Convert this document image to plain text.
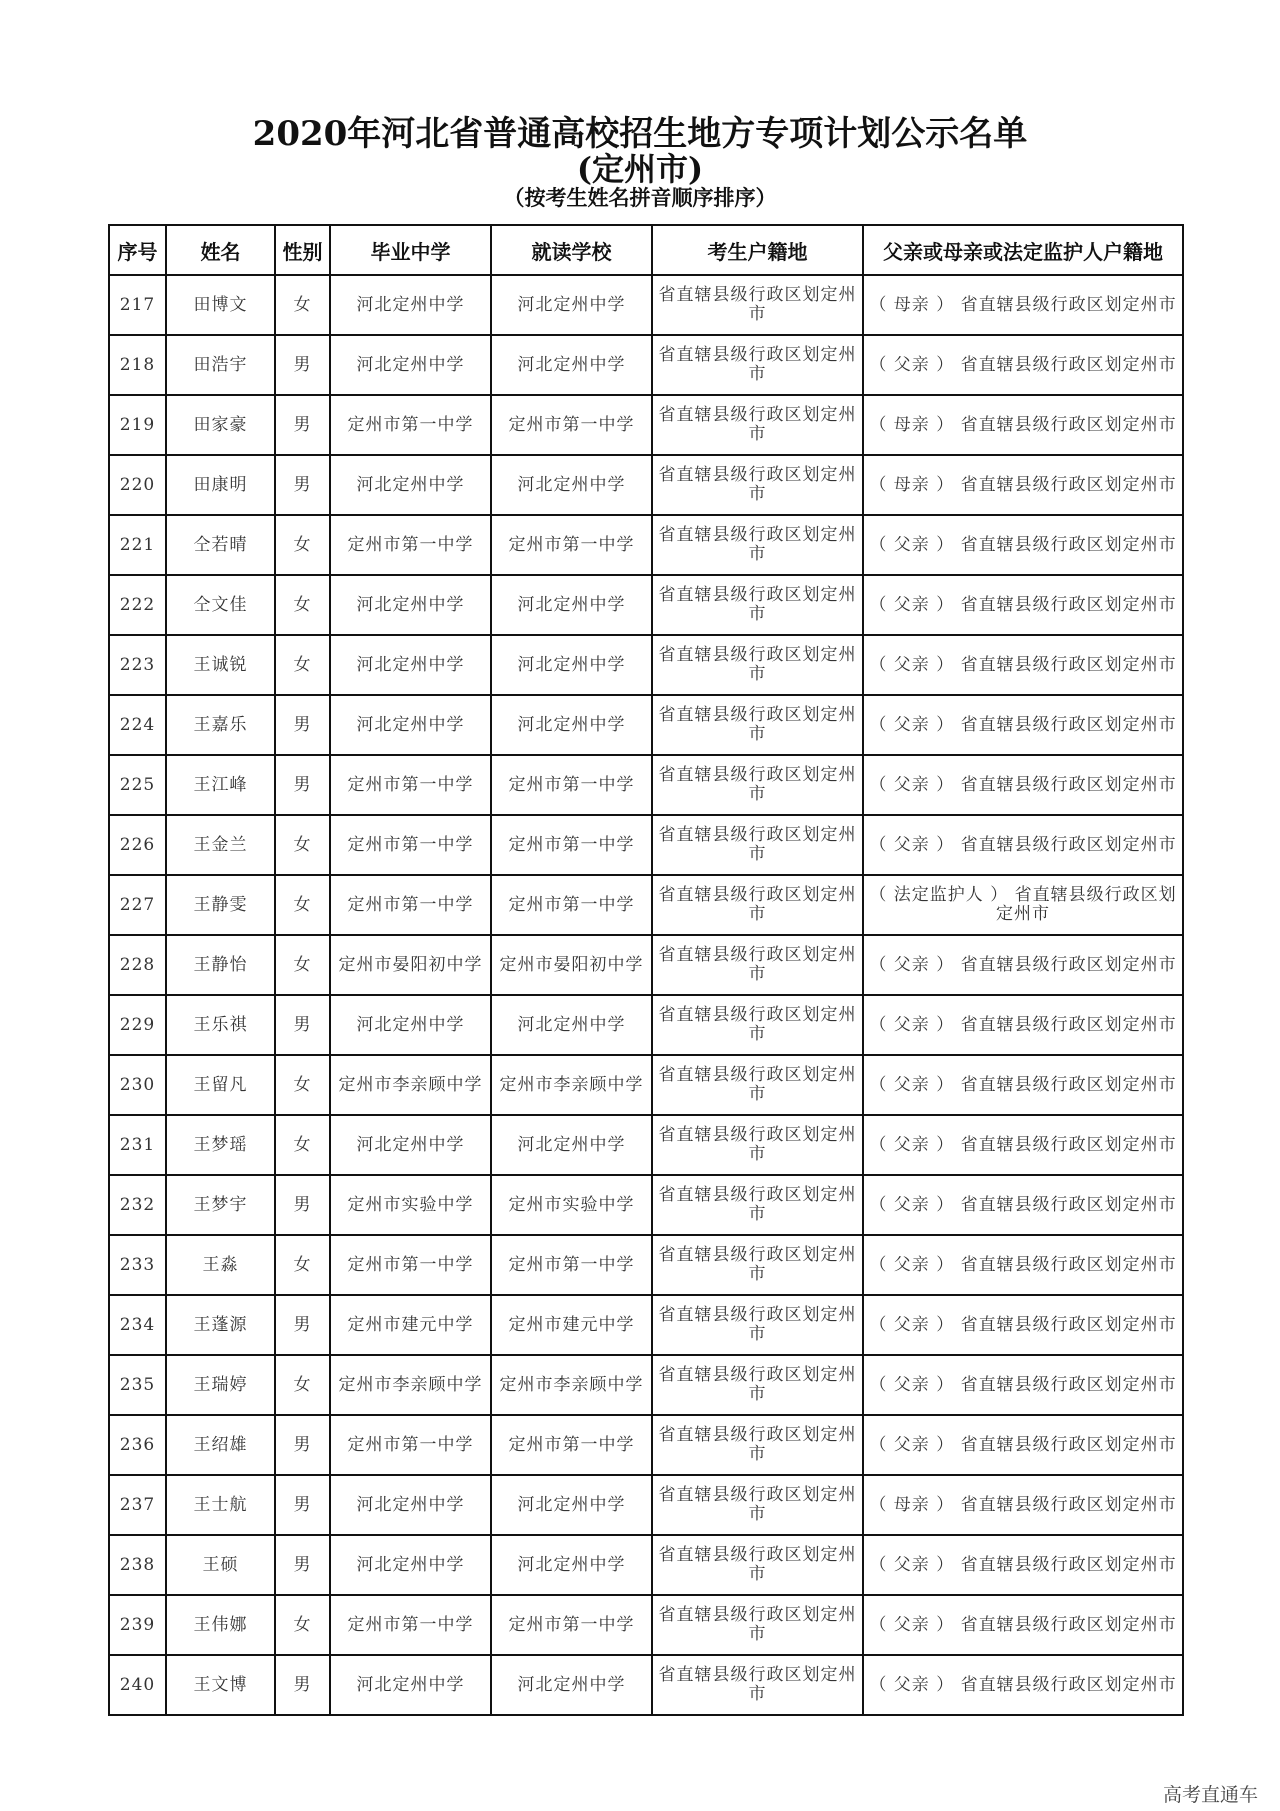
2020年河北省普通高校招生地方专项计划公示名单
(定州市)
（按考生姓名拼音顺序排序）
序号	姓名	性别	毕业中学	就读学校	考生户籍地	父亲或母亲或法定监护人户籍地
217	田博文	女	河北定州中学	河北定州中学	省直辖县级行政区划定州市	（ 母亲 ） 省直辖县级行政区划定州市
218	田浩宇	男	河北定州中学	河北定州中学	省直辖县级行政区划定州市	（ 父亲 ） 省直辖县级行政区划定州市
219	田家豪	男	定州市第一中学	定州市第一中学	省直辖县级行政区划定州市	（ 母亲 ） 省直辖县级行政区划定州市
220	田康明	男	河北定州中学	河北定州中学	省直辖县级行政区划定州市	（ 母亲 ） 省直辖县级行政区划定州市
221	仝若晴	女	定州市第一中学	定州市第一中学	省直辖县级行政区划定州市	（ 父亲 ） 省直辖县级行政区划定州市
222	仝文佳	女	河北定州中学	河北定州中学	省直辖县级行政区划定州市	（ 父亲 ） 省直辖县级行政区划定州市
223	王诚锐	女	河北定州中学	河北定州中学	省直辖县级行政区划定州市	（ 父亲 ） 省直辖县级行政区划定州市
224	王嘉乐	男	河北定州中学	河北定州中学	省直辖县级行政区划定州市	（ 父亲 ） 省直辖县级行政区划定州市
225	王江峰	男	定州市第一中学	定州市第一中学	省直辖县级行政区划定州市	（ 父亲 ） 省直辖县级行政区划定州市
226	王金兰	女	定州市第一中学	定州市第一中学	省直辖县级行政区划定州市	（ 父亲 ） 省直辖县级行政区划定州市
227	王静雯	女	定州市第一中学	定州市第一中学	省直辖县级行政区划定州市	（ 法定监护人 ） 省直辖县级行政区划定州市
228	王静怡	女	定州市晏阳初中学	定州市晏阳初中学	省直辖县级行政区划定州市	（ 父亲 ） 省直辖县级行政区划定州市
229	王乐祺	男	河北定州中学	河北定州中学	省直辖县级行政区划定州市	（ 父亲 ） 省直辖县级行政区划定州市
230	王留凡	女	定州市李亲顾中学	定州市李亲顾中学	省直辖县级行政区划定州市	（ 父亲 ） 省直辖县级行政区划定州市
231	王梦瑶	女	河北定州中学	河北定州中学	省直辖县级行政区划定州市	（ 父亲 ） 省直辖县级行政区划定州市
232	王梦宇	男	定州市实验中学	定州市实验中学	省直辖县级行政区划定州市	（ 父亲 ） 省直辖县级行政区划定州市
233	王淼	女	定州市第一中学	定州市第一中学	省直辖县级行政区划定州市	（ 父亲 ） 省直辖县级行政区划定州市
234	王蓬源	男	定州市建元中学	定州市建元中学	省直辖县级行政区划定州市	（ 父亲 ） 省直辖县级行政区划定州市
235	王瑞婷	女	定州市李亲顾中学	定州市李亲顾中学	省直辖县级行政区划定州市	（ 父亲 ） 省直辖县级行政区划定州市
236	王绍雄	男	定州市第一中学	定州市第一中学	省直辖县级行政区划定州市	（ 父亲 ） 省直辖县级行政区划定州市
237	王士航	男	河北定州中学	河北定州中学	省直辖县级行政区划定州市	（ 母亲 ） 省直辖县级行政区划定州市
238	王硕	男	河北定州中学	河北定州中学	省直辖县级行政区划定州市	（ 父亲 ） 省直辖县级行政区划定州市
239	王伟娜	女	定州市第一中学	定州市第一中学	省直辖县级行政区划定州市	（ 父亲 ） 省直辖县级行政区划定州市
240	王文博	男	河北定州中学	河北定州中学	省直辖县级行政区划定州市	（ 父亲 ） 省直辖县级行政区划定州市
高考直通车
